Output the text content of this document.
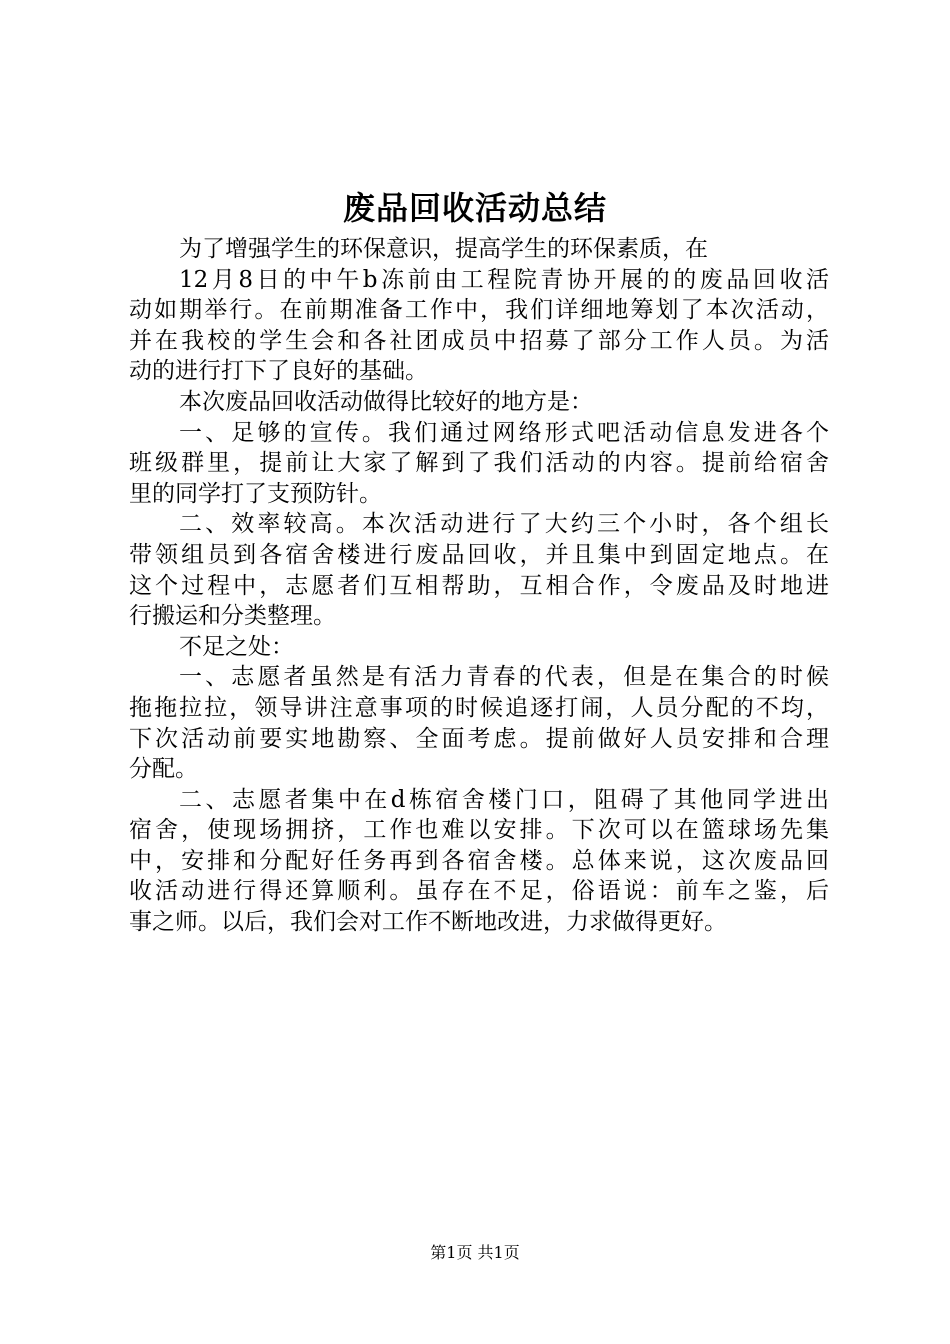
废品回收活动总结
为了增强学生的环保意识，提高学生的环保素质，在
12月8日的中午b冻前由工程院青协开展的的废品回收活
动如期举行。在前期准备工作中，我们详细地筹划了本次活动，
并在我校的学生会和各社团成员中招募了部分工作人员。为活
动的进行打下了良好的基础。
本次废品回收活动做得比较好的地方是：
一、足够的宣传。我们通过网络形式吧活动信息发进各个
班级群里，提前让大家了解到了我们活动的内容。提前给宿舍
里的同学打了支预防针。
二、效率较高。本次活动进行了大约三个小时，各个组长
带领组员到各宿舍楼进行废品回收，并且集中到固定地点。在
这个过程中，志愿者们互相帮助，互相合作，令废品及时地进
行搬运和分类整理。
不足之处：
一、志愿者虽然是有活力青春的代表，但是在集合的时候
拖拖拉拉，领导讲注意事项的时候追逐打闹，人员分配的不均，
下次活动前要实地勘察、全面考虑。提前做好人员安排和合理
分配。
二、志愿者集中在d栋宿舍楼门口，阻碍了其他同学进出
宿舍，使现场拥挤，工作也难以安排。下次可以在篮球场先集
中，安排和分配好任务再到各宿舍楼。总体来说，这次废品回
收活动进行得还算顺利。虽存在不足，俗语说：前车之鉴，后
事之师。以后，我们会对工作不断地改进，力求做得更好。
第1页 共1页
